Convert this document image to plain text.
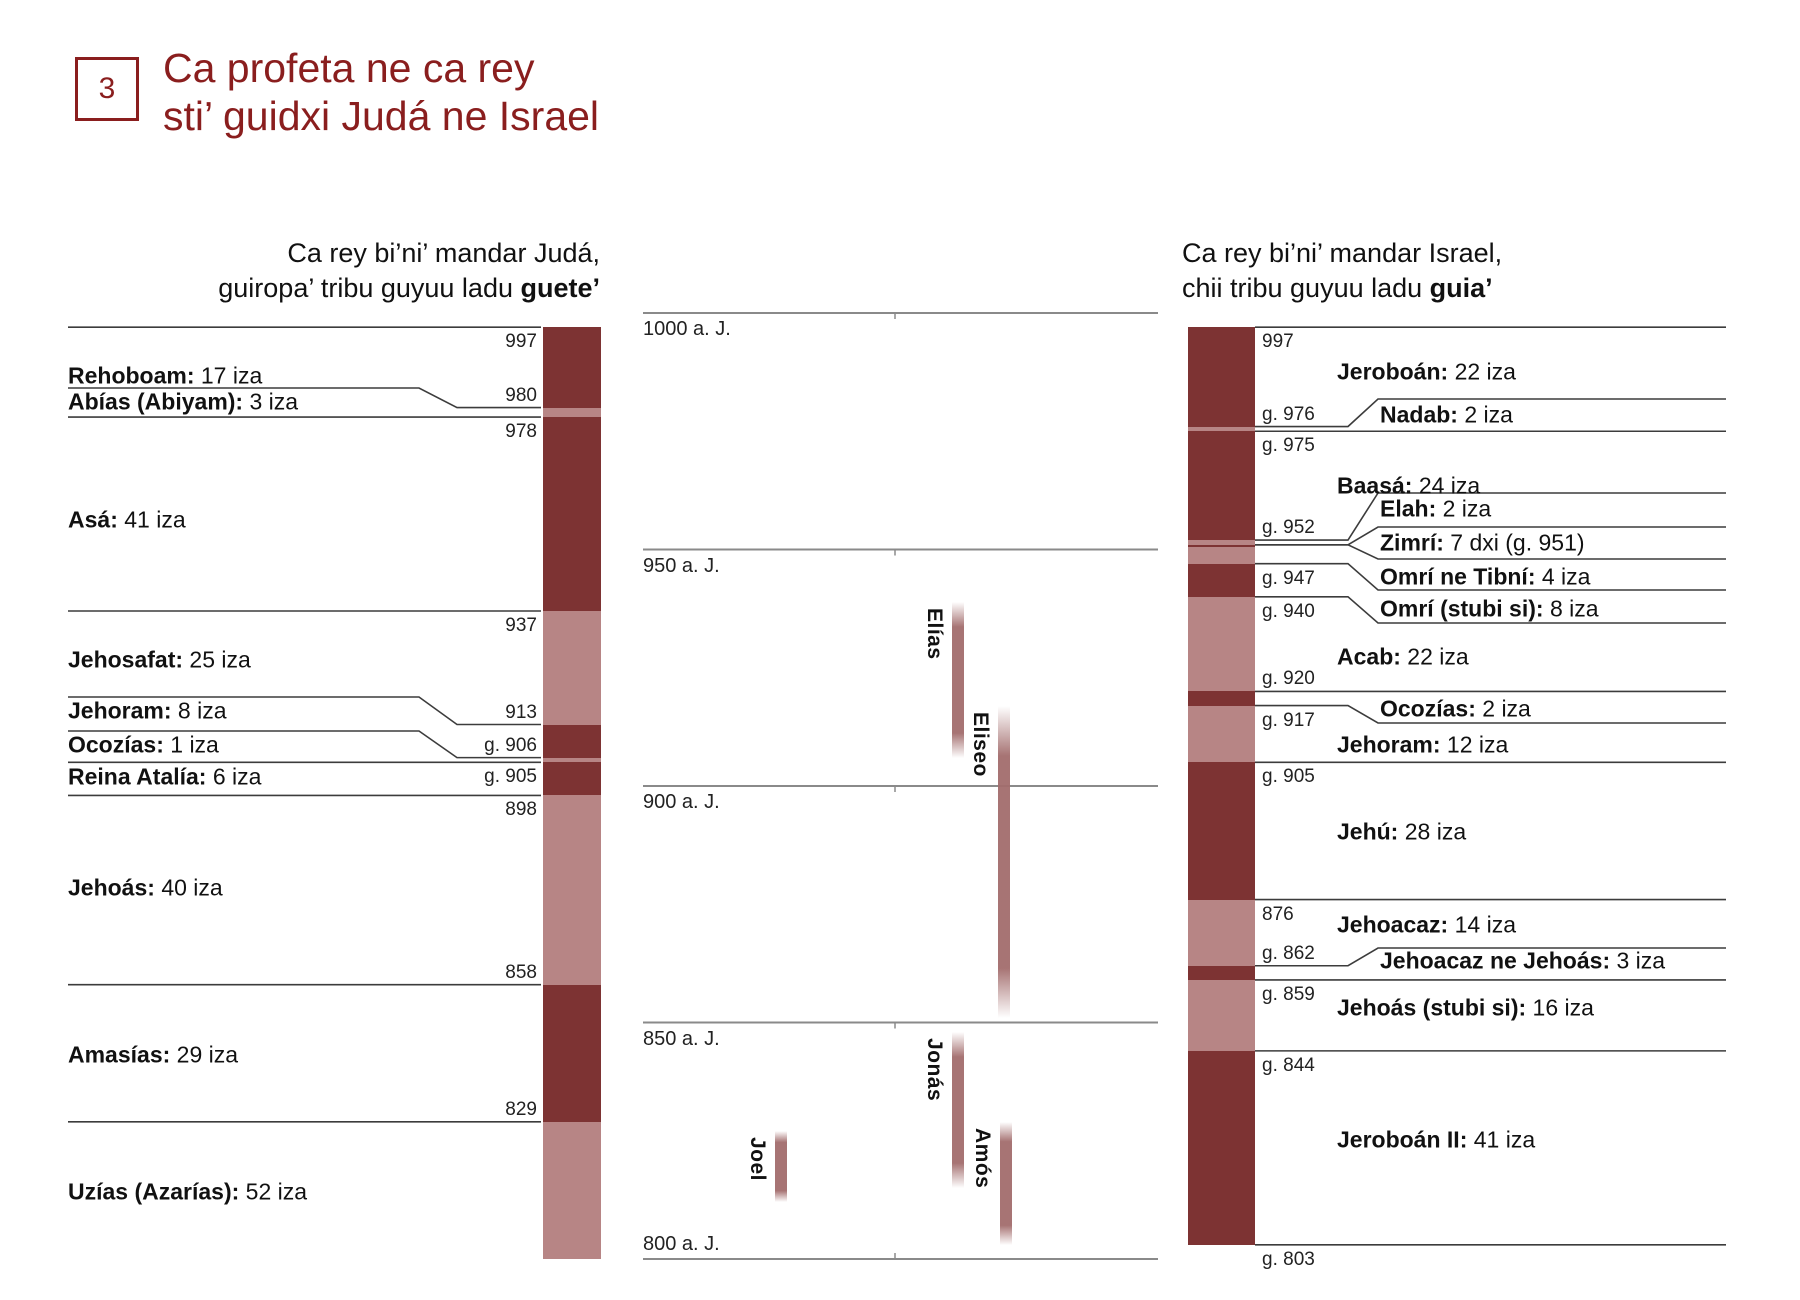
3 Ca profeta ne ca rey
sti’ guidxi Judá ne Israel
Ca rey bi’ni’ mandar Judá,
guiropa’ tribu guyuu ladu guete’
Ca rey bi’ni’ mandar Israel,
chii tribu guyuu ladu guia’
1000 a. J.
950 a. J.
900 a. J.
850 a. J.
800 a. J.
997
Rehoboam: 17 iza
980
Abías (Abiyam): 3 iza
978
Asá: 41 iza
937
Jehosafat: 25 iza
913
Jehoram: 8 iza
g. 906
Ocozías: 1 iza
g. 905
Reina Atalía: 6 iza
898
Jehoás: 40 iza
858
Amasías: 29 iza
829
Uzías (Azarías): 52 iza
997
Jeroboán: 22 iza
g. 976	Nadab: 2 iza
g. 975
Baasá: 24 iza
g. 952
Elah: 2 iza
Zimrí: 7 dxi (g. 951)
Omrí ne Tibní: 4 iza
g. 947
Omrí (stubi si): 8 iza
g. 940
Acab: 22 iza
g. 920
Ocozías: 2 iza
g. 917
Jehoram: 12 iza
g. 905
Jehú: 28 iza
876 Jehoacaz: 14 iza
g. 862	Jehoacaz ne Jehoás: 3 iza
g. 859
Jehoás (stubi si): 16 iza
g. 844
Jeroboán II: 41 iza
g. 803
Elías
Eliseo
Jonás
Joel	Amós
